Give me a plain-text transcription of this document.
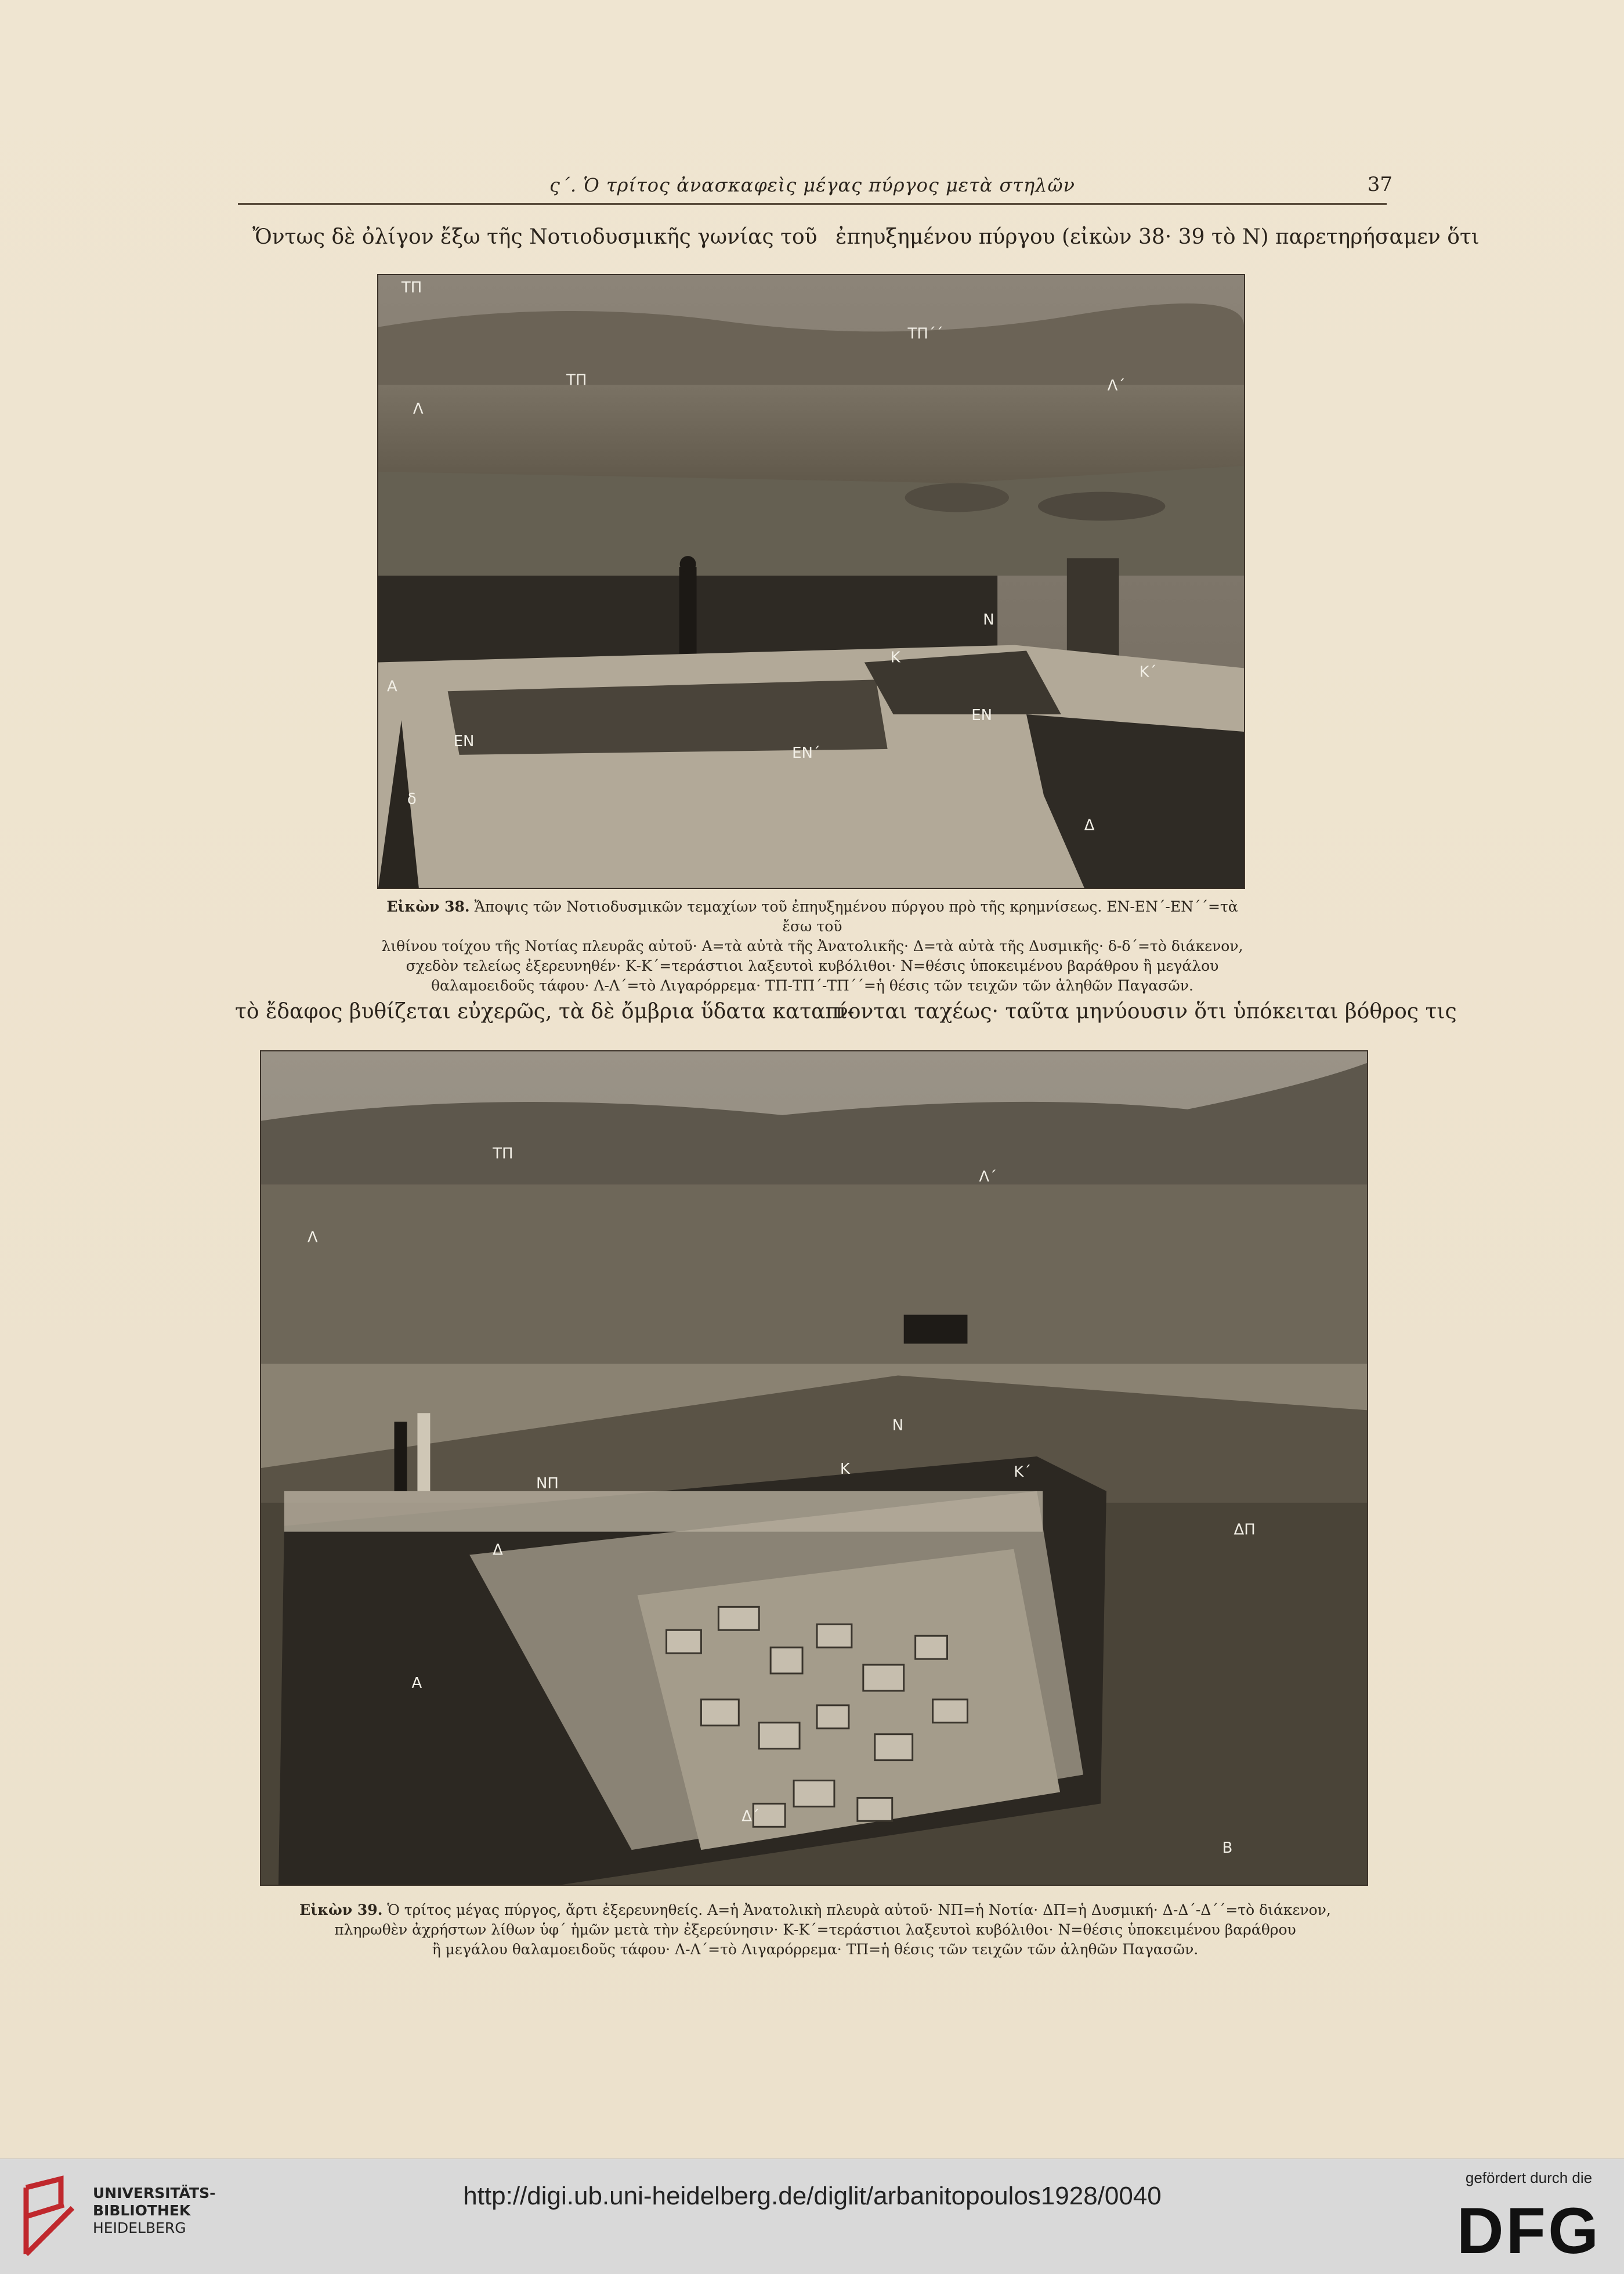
ς΄. Ὁ τρίτος ἀνασκαφεὶς μέγας πύργος μετὰ στηλῶν	37
Ὄντως δὲ ὀλίγον ἔξω τῆς Νοτιοδυσμικῆς γωνίας τοῦ ἐπηυξημένου πύργου (εἰκὼν 38· 39 τὸ Ν) παρετηρήσαμεν ὅτι
ΤΠ
ΤΠ
ΤΠ΄΄
Λ
Λ΄
Ν
Κ
Κ΄
ΕΝ
ΕΝ΄
ΕΝ
Α
Δ
δ
Εἰκὼν 38. Ἄποψις τῶν Νοτιοδυσμικῶν τεμαχίων τοῦ ἐπηυξημένου πύργου πρὸ τῆς κρημνίσεως. ΕΝ-ΕΝ΄-ΕΝ΄΄=τὰ ἔσω τοῦ
λιθίνου τοίχου τῆς Νοτίας πλευρᾶς αὐτοῦ· Α=τὰ αὐτὰ τῆς Ἀνατολικῆς· Δ=τὰ αὐτὰ τῆς Δυσμικῆς· δ-δ΄=τὸ διάκενον,
σχεδὸν τελείως ἐξερευνηθέν· Κ-Κ΄=τεράστιοι λαξευτοὶ κυβόλιθοι· Ν=θέσις ὑποκειμένου βαράθρου ἢ μεγάλου
θαλαμοειδοῦς τάφου· Λ-Λ΄=τὸ Λιγαρόρρεμα· ΤΠ-ΤΠ΄-ΤΠ΄΄=ἡ θέσις τῶν τειχῶν τῶν ἀληθῶν Παγασῶν.
τὸ ἔδαφος βυθίζεται εὐχερῶς, τὰ δὲ ὄμβρια ὕδατα καταπί-
νονται ταχέως· ταῦτα μηνύουσιν ὅτι ὑπόκειται βόθρος τις
ΤΠ
Λ
Λ΄
Ν
ΝΠ
Κ	Κ΄
ΔΠ
Δ
Α
Δ΄
Β
Εἰκὼν 39. Ὁ τρίτος μέγας πύργος, ἄρτι ἐξερευνηθείς. Α=ἡ Ἀνατολικὴ πλευρὰ αὐτοῦ· ΝΠ=ἡ Νοτία· ΔΠ=ἡ Δυσμική· Δ-Δ΄-Δ΄΄=τὸ διάκενον,
πληρωθὲν ἀχρήστων λίθων ὑφ΄ ἡμῶν μετὰ τὴν ἐξερεύνησιν· Κ-Κ΄=τεράστιοι λαξευτοὶ κυβόλιθοι· Ν=θέσις ὑποκειμένου βαράθρου
ἢ μεγάλου θαλαμοειδοῦς τάφου· Λ-Λ΄=τὸ Λιγαρόρρεμα· ΤΠ=ἡ θέσις τῶν τειχῶν τῶν ἀληθῶν Παγασῶν.
UNIVERSITÄTS-
BIBLIOTHEK
HEIDELBERG
http://digi.ub.uni-heidelberg.de/diglit/arbanitopoulos1928/0040
gefördert durch die
DFG
